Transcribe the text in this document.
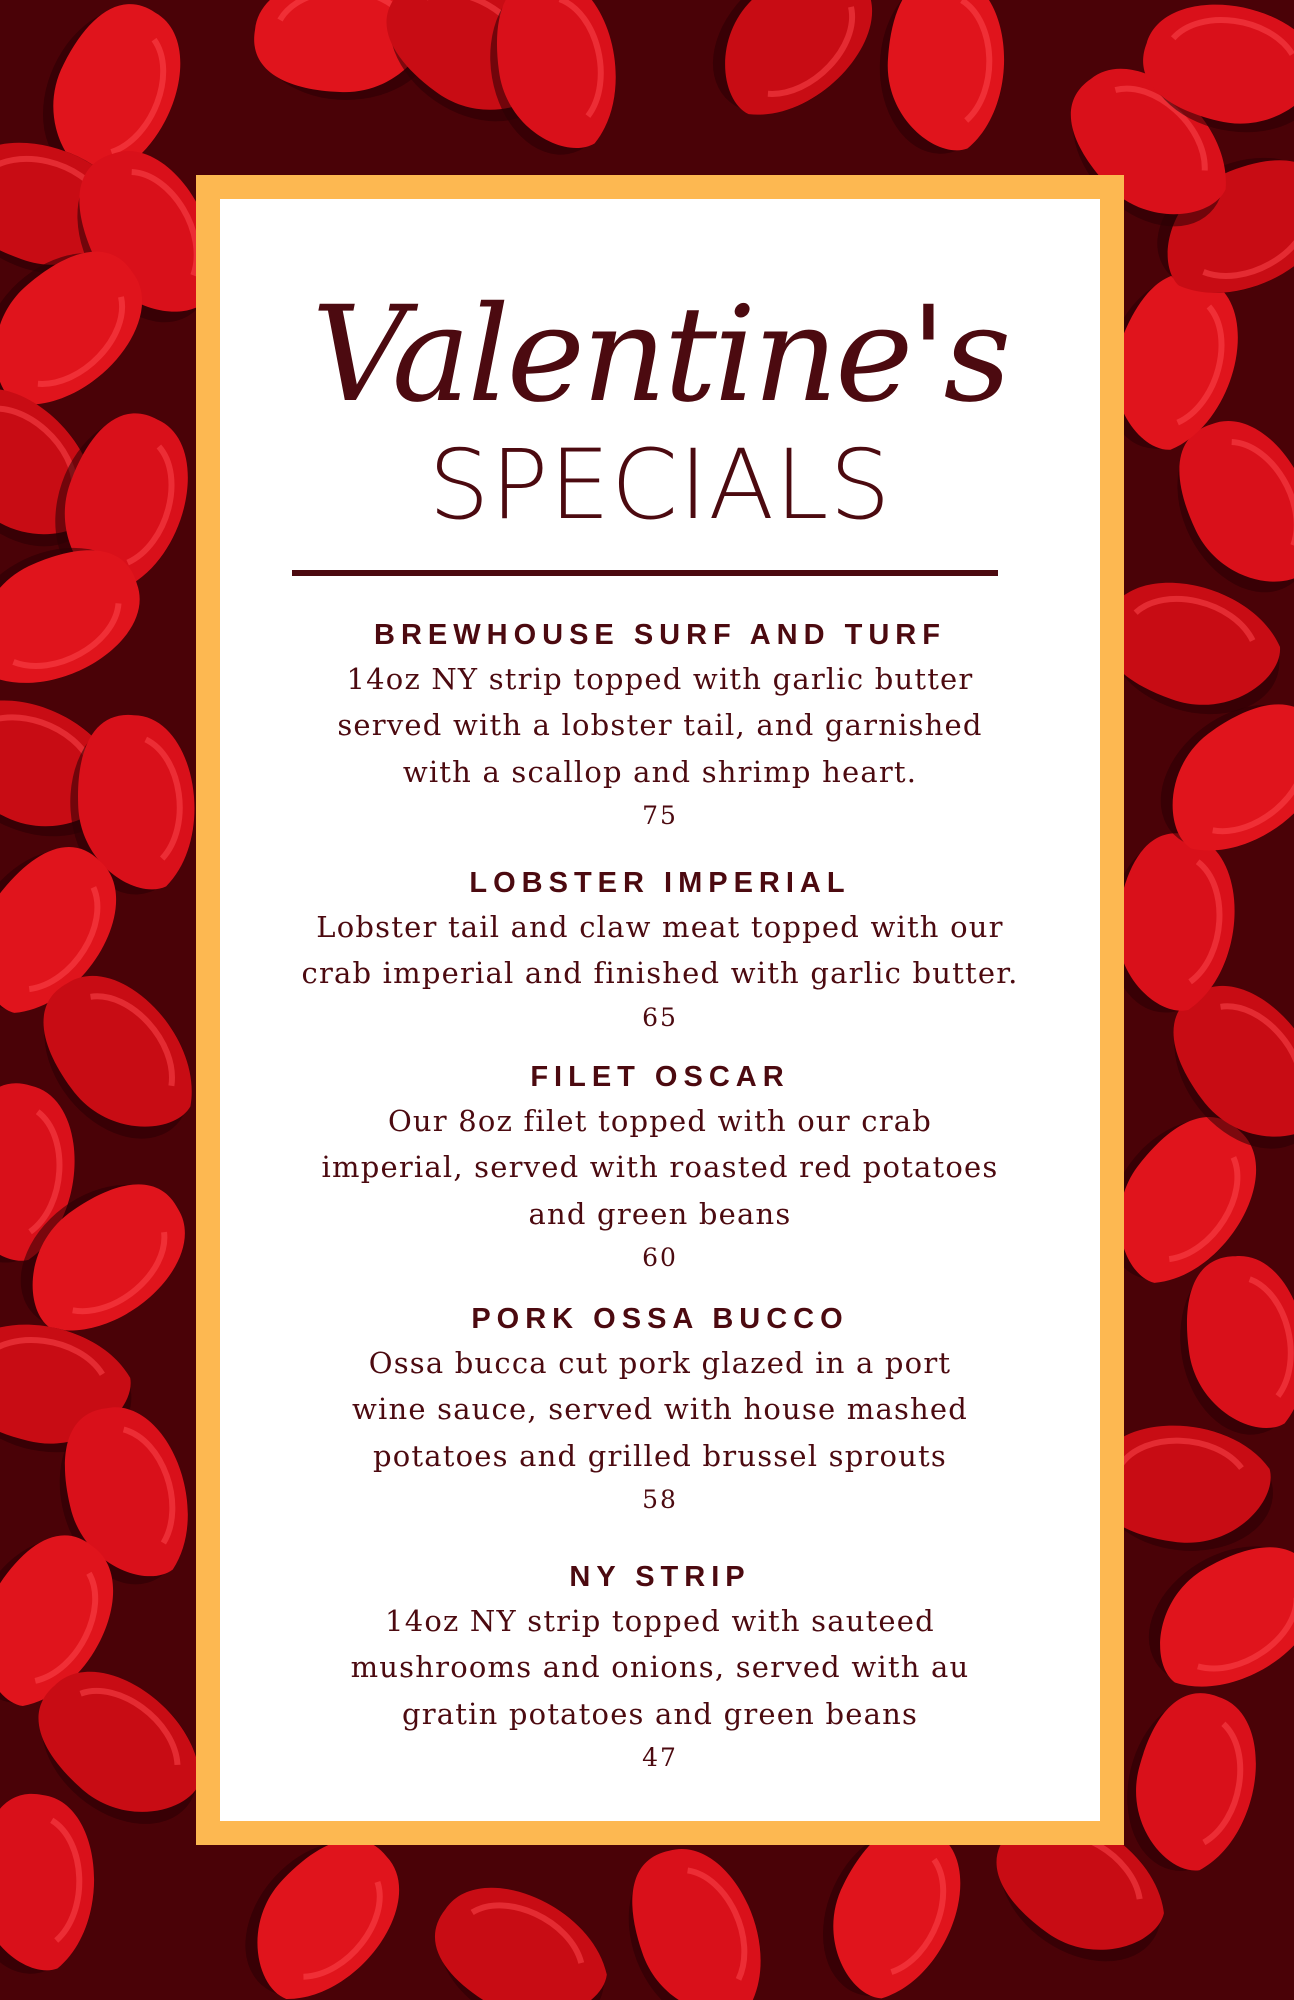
Valentine's
SPECIALS

BREWHOUSE SURF AND TURF

14oz NY strip topped with garlic butter
served with a lobster tail, and garnished
with a scallop and shrimp heart.

75

LOBSTER IMPERIAL

Lobster tail and claw meat topped with our
crab imperial and finished with garlic butter.

65

FILET OSCAR

Our 8oz filet topped with our crab
imperial, served with roasted red potatoes
and green beans

60

PORK OSSA BUCCO

Ossa bucca cut pork glazed in a port
wine sauce, served with house mashed
potatoes and grilled brussel sprouts

58

NY STRIP

14oz NY strip topped with sauteed
mushrooms and onions, served with au
gratin potatoes and green beans

47
